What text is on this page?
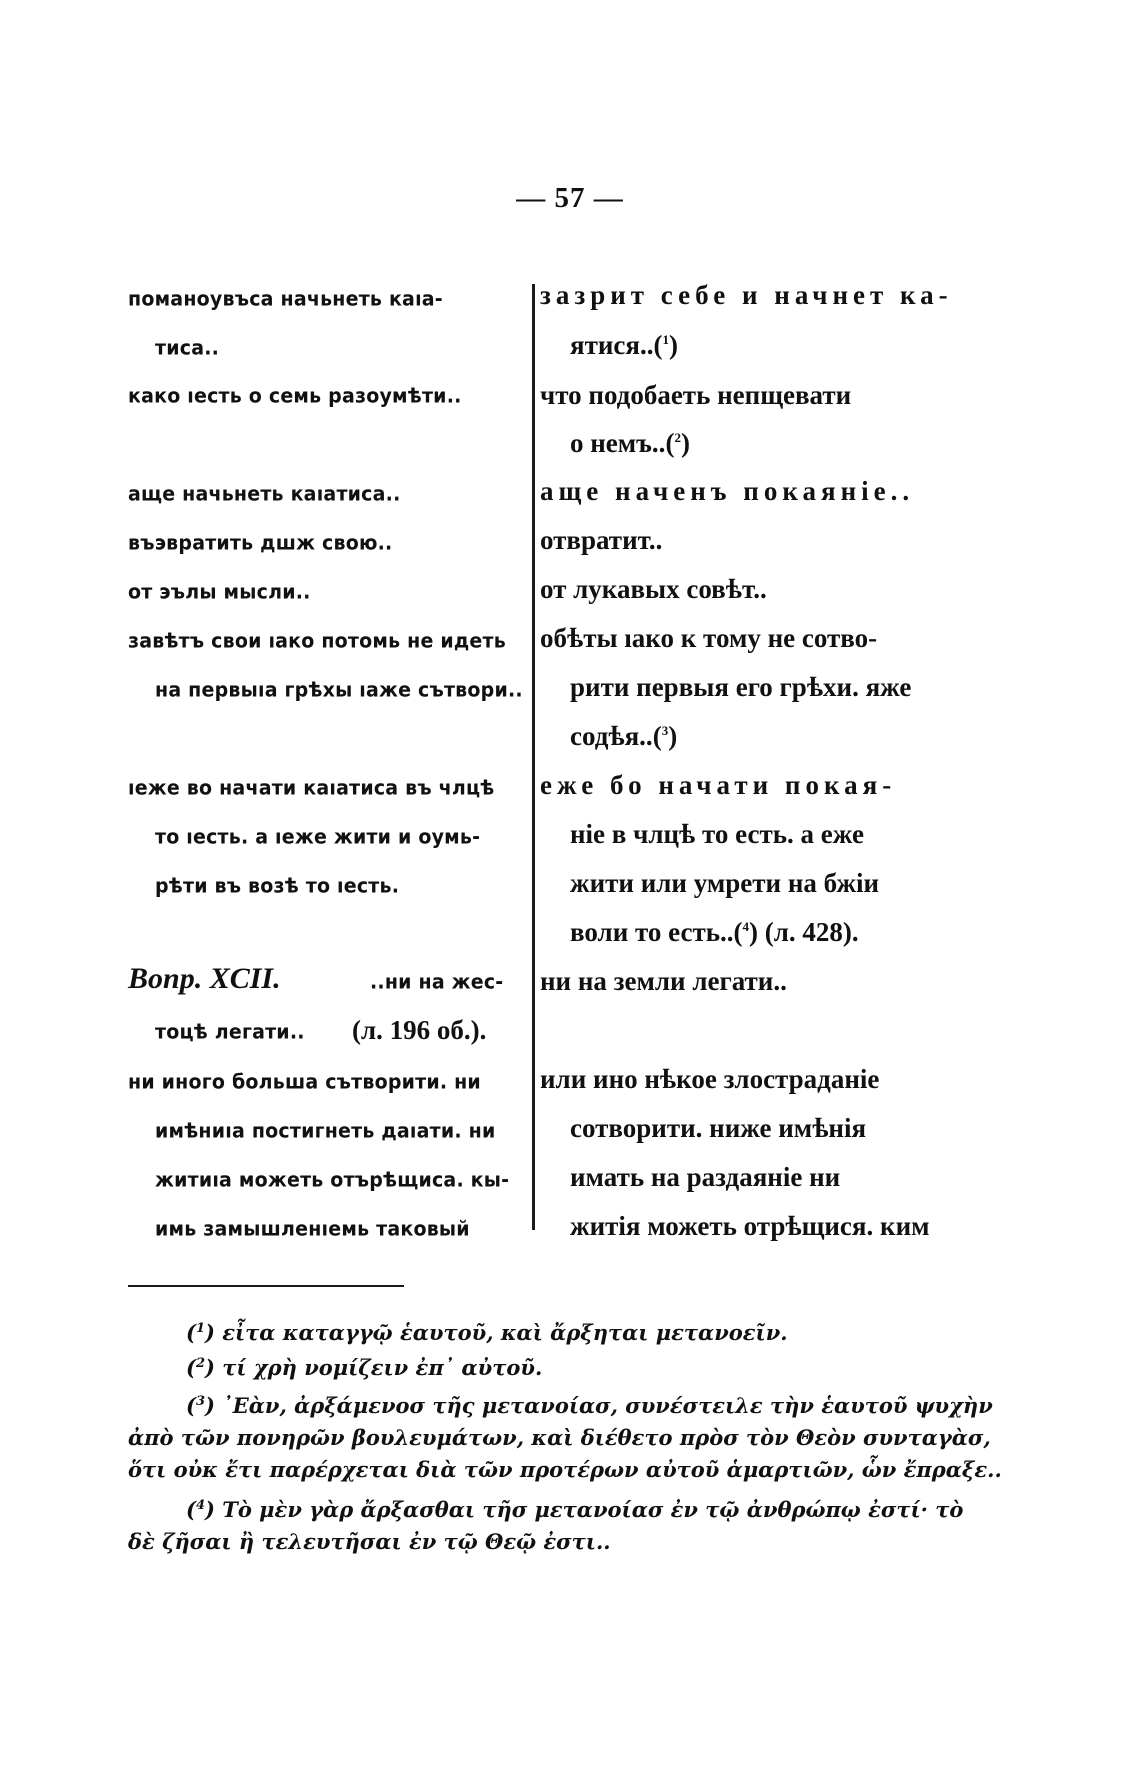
— 57 —
поманоувъса начьнеть каıа-
тиса..
како ıесть о семь разоумѣти..
аще начьнеть каıатиса..
въэвратить дшж свою..
от эълы мысли..
завѣтъ свои ıако потомь не идеть
на первыıа грѣхы ıаже сътвори..
ıеже во начати каıатиса въ члцѣ
то ıесть. а ıеже жити и оумь-
рѣти въ возѣ то ıесть.
Вопр. XCII.	..ни на жес-
тоцѣ легати.. (л. 196 об.).
ни иного больша сътворити. ни
имѣниıа постигнеть даıати. ни
житиıа можеть отърѣщиса. кы-
имь замышленıемь таковый
зазрит себе и начнет ка-
ятися..($^1$)
что подобаеть непщевати
о немъ..($^2$)
аще наченъ покаяніе..
отвратит..
от лукавых совѣт..
обѣты ıако к тому не сотво-
рити первыя его грѣхи. яже
содѣя..($^3$)
еже бо начати покая-
ніе в члцѣ то есть. а еже
жити или умрети на бжіи
воли то есть..($^4$) (л. 428).
ни на земли легати..
или ино нѣкое злостраданіе
сотворити. ниже имѣнія
имать на раздаяніе ни
житія можеть отрѣщися. ким
($^1$) εἶτα καταγγῷ ἑαυτοῦ, καὶ ἄρξηται μετανοεῖν.
($^2$) τί χρὴ νομίζειν ἐπ᾿ αὐτοῦ.
($^3$) ᾿Εὰν, ἀρξάμενοσ τῆς μετανοίασ, συνέστειλε τὴν ἑαυτοῦ ψυχὴν
ἀπὸ τῶν πονηρῶν βουλευμάτων, καὶ διέθετο πρὸσ τὸν Θεὸν συνταγὰσ,
ὅτι οὐκ ἔτι παρέρχεται διὰ τῶν προτέρων αὐτοῦ ἁμαρτιῶν, ὧν ἔπραξε..
($^4$) Τὸ μὲν γὰρ ἄρξασθαι τῆσ μετανοίασ ἐν τῷ ἀνθρώπῳ ἐστί· τὸ
δὲ ζῆσαι ἢ τελευτῆσαι ἐν τῷ Θεῷ ἐστι..
